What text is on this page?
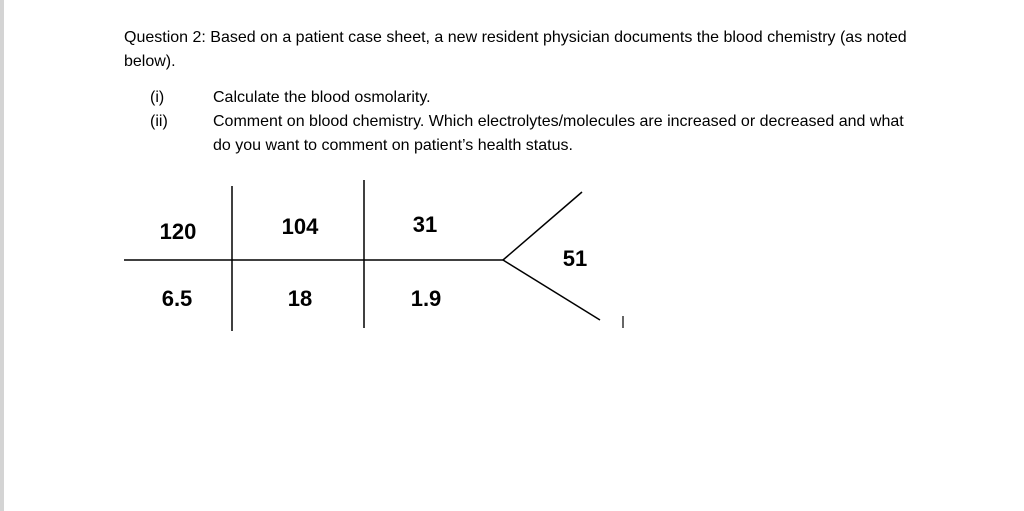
Question 2: Based on a patient case sheet, a new resident physician documents the blood chemistry (as noted below).
(i)	Calculate the blood osmolarity.
(ii)	Comment on blood chemistry. Which electrolytes/molecules are increased or decreased and what do you want to comment on patient’s health status.
120	104	31
6.5	18	1.9
51
